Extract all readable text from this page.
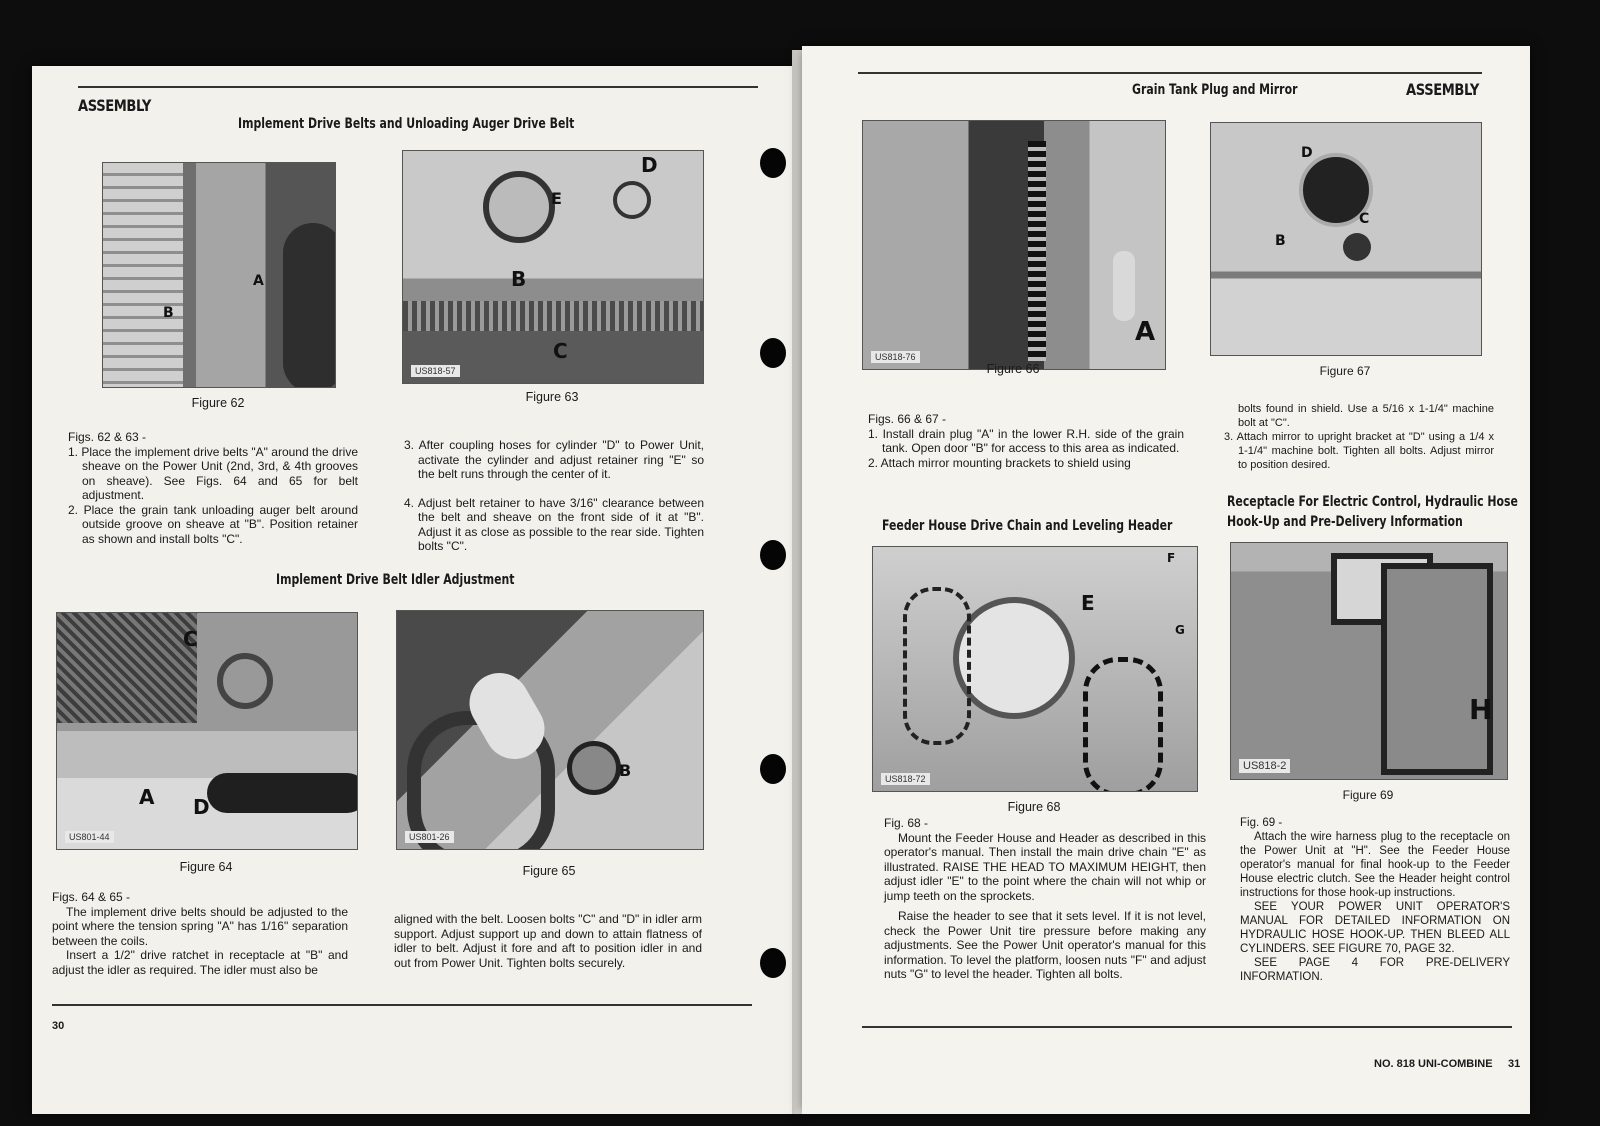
ASSEMBLY
Implement Drive Belts and Unloading Auger Drive Belt
A
B
Figure 62
D
E
B
C
US818-57
Figure 63

Figs. 62 & 63 -

1. Place the implement drive belts "A" around the drive sheave on the Power Unit (2nd, 3rd, & 4th grooves on sheave). See Figs. 64 and 65 for belt adjustment.

2. Place the grain tank unloading auger belt around outside groove on sheave at "B". Position retainer as shown and install bolts "C".

3. After coupling hoses for cylinder "D" to Power Unit, activate the cylinder and adjust retainer ring "E" so the belt runs through the center of it.

4. Adjust belt retainer to have 3/16" clearance between the belt and sheave on the front side of it at "B". Adjust it as close as possible to the rear side. Tighten bolts "C".

Implement Drive Belt Idler Adjustment
C
A D
US801-44
Figure 64
B
US801-26
Figure 65

Figs. 64 & 65 -

The implement drive belts should be adjusted to the point where the tension spring "A" has 1/16" separation between the coils.

Insert a 1/2" drive ratchet in receptacle at "B" and adjust the idler as required. The idler must also be

aligned with the belt. Loosen bolts "C" and "D" in idler arm support. Adjust support up and down to attain flatness of idler to belt. Adjust it fore and aft to position idler in and out from Power Unit. Tighten bolts securely.
30
Grain Tank Plug and Mirror	ASSEMBLY
A
US818-76
Figure 66
D
C
B
Figure 67

Figs. 66 & 67 -

1. Install drain plug "A" in the lower R.H. side of the grain tank. Open door "B" for access to this area as indicated.

2. Attach mirror mounting brackets to shield using

bolts found in shield. Use a 5/16 x 1-1/4" machine bolt at "C".

3. Attach mirror to upright bracket at "D" using a 1/4 x 1-1/4" machine bolt. Tighten all bolts. Adjust mirror to position desired.

Feeder House Drive Chain and Leveling Header
Receptacle For Electric Control, Hydraulic Hose
Hook-Up and Pre-Delivery Information
E
F
G
US818-72
Figure 68
H
US818-2
Figure 69

Fig. 68 -

Mount the Feeder House and Header as described in this operator's manual. Then install the main drive chain "E" as illustrated. RAISE THE HEAD TO MAXIMUM HEIGHT, then adjust idler "E" to the point where the chain will not whip or jump teeth on the sprockets.

Raise the header to see that it sets level. If it is not level, check the Power Unit tire pressure before making any adjustments. See the Power Unit operator's manual for this information. To level the platform, loosen nuts "F" and adjust nuts "G" to level the header. Tighten all bolts.

Fig. 69 -

Attach the wire harness plug to the receptacle on the Power Unit at "H". See the Feeder House operator's manual for final hook-up to the Feeder House electric clutch. See the Header height control instructions for those hook-up instructions.

SEE YOUR POWER UNIT OPERATOR'S MANUAL FOR DETAILED INFORMATION ON HYDRAULIC HOSE HOOK-UP. THEN BLEED ALL CYLINDERS. SEE FIGURE 70, PAGE 32.

SEE PAGE 4 FOR PRE-DELIVERY INFORMATION.

NO. 818 UNI-COMBINE 31
